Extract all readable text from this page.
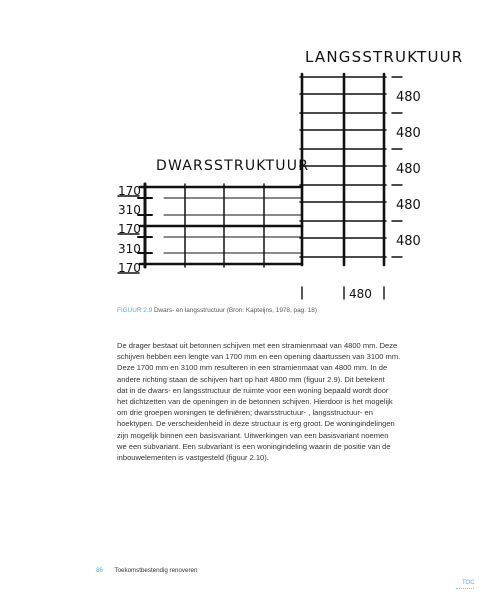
LANGSSTRUKTUUR
DWARSSTRUKTUUR
480
480
480
480
480
170
310
170
310
170
480
FIGUUR 2.9 Dwars- en langsstructuur (Bron: Kapteijns, 1978, pag. 18)
De drager bestaat uit betonnen schijven met een stramienmaat van 4800 mm. Deze
schijven hebben een lengte van 1700 mm en een opening daartussen van 3100 mm.
Deze 1700 mm en 3100 mm resulteren in een stramienmaat van 4800 mm. In de
andere richting staan de schijven hart op hart 4800 mm (figuur 2.9). Dit betekent
dat in de dwars- en langsstructuur de ruimte voor een woning bepaald wordt door
het dichtzetten van de openingen in de betonnen schijven. Hierdoor is het mogelijk
om drie groepen woningen te definiëren; dwarsstructuur- , langsstructuur- en
hoektypen. De verscheidenheid in deze structuur is erg groot. De woningindelingen
zijn mogelijk binnen een basisvariant. Uitwerkingen van een basisvariant noemen
we een subvariant. Een subvariant is een woningindeling waarin de positie van de
inbouwelementen is vastgesteld (figuur 2.10).
86 Toekomstbestendig renoveren
TOC
